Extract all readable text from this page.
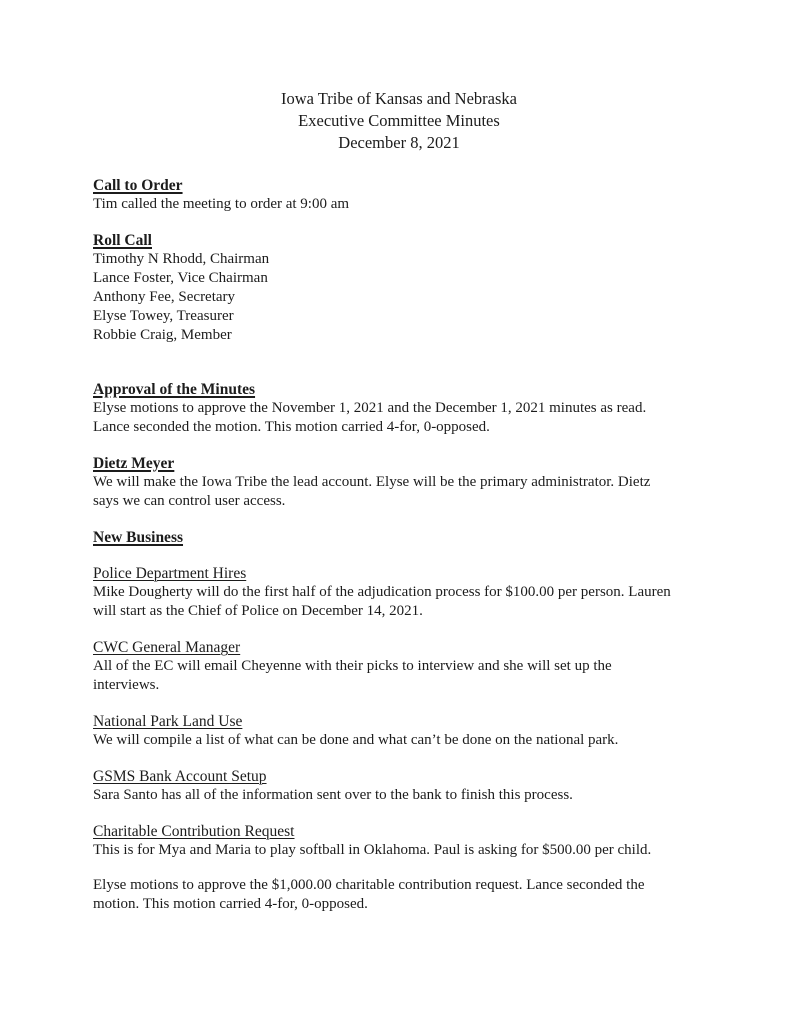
Iowa Tribe of Kansas and Nebraska
Executive Committee Minutes
December 8, 2021
Call to Order

Tim called the meeting to order at 9:00 am

Roll Call

Timothy N Rhodd, Chairman
Lance Foster, Vice Chairman
Anthony Fee, Secretary
Elyse Towey, Treasurer
Robbie Craig, Member

Approval of the Minutes

Elyse motions to approve the November 1, 2021 and the December 1, 2021 minutes as read.
Lance seconded the motion. This motion carried 4-for, 0-opposed.

Dietz Meyer

We will make the Iowa Tribe the lead account. Elyse will be the primary administrator. Dietz
says we can control user access.

New Business
Police Department Hires

Mike Dougherty will do the first half of the adjudication process for $100.00 per person. Lauren
will start as the Chief of Police on December 14, 2021.

CWC General Manager

All of the EC will email Cheyenne with their picks to interview and she will set up the
interviews.

National Park Land Use

We will compile a list of what can be done and what can’t be done on the national park.

GSMS Bank Account Setup

Sara Santo has all of the information sent over to the bank to finish this process.

Charitable Contribution Request

This is for Mya and Maria to play softball in Oklahoma. Paul is asking for $500.00 per child.

Elyse motions to approve the $1,000.00 charitable contribution request. Lance seconded the
motion. This motion carried 4-for, 0-opposed.
